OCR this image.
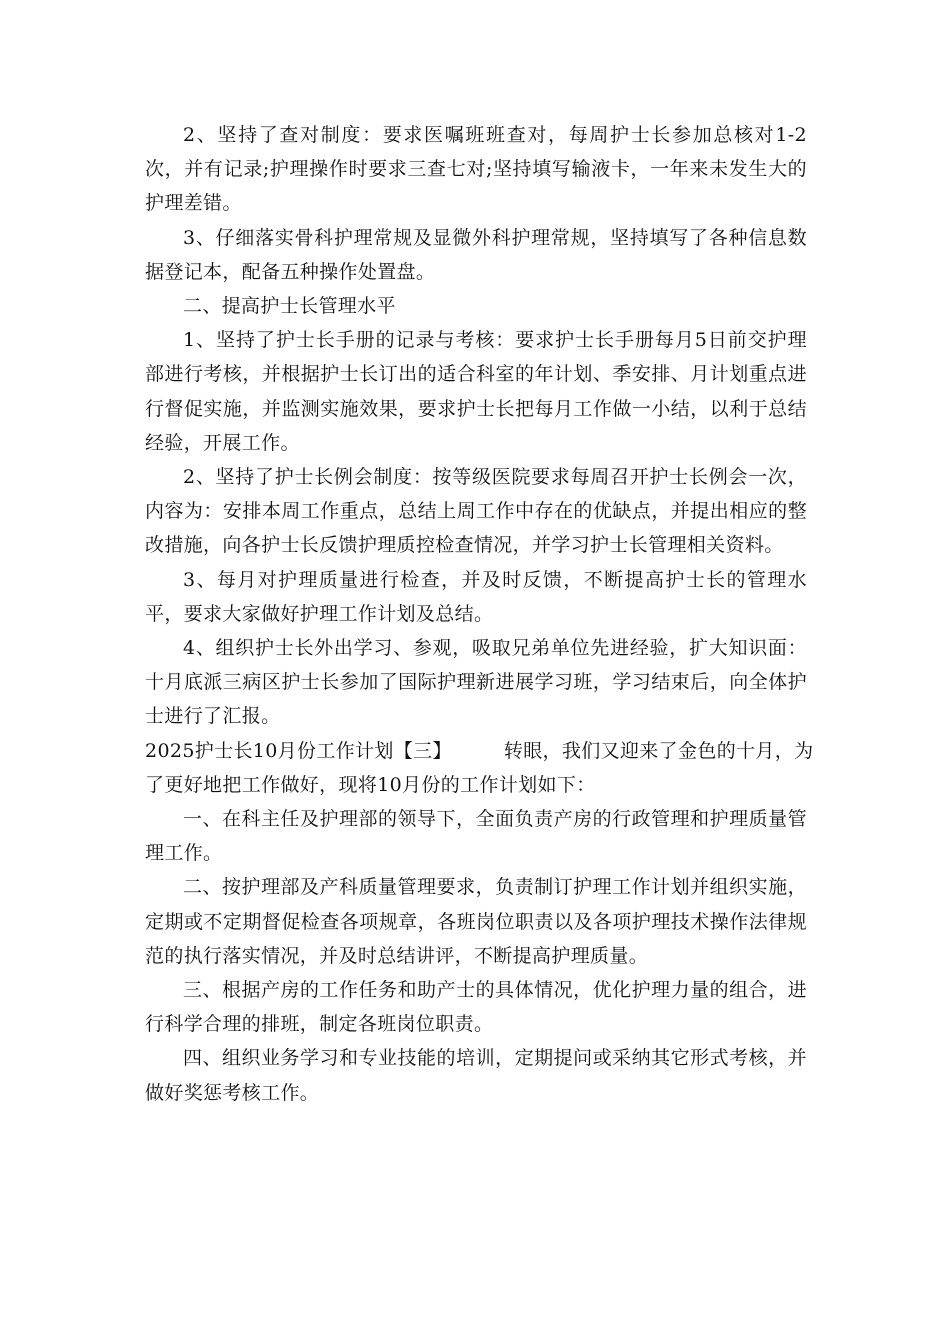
2、坚持了查对制度：要求医嘱班班查对，每周护士长参加总核对1-2次，并有记录;护理操作时要求三查七对;坚持填写输液卡，一年来未发生大的护理差错。

3、仔细落实骨科护理常规及显微外科护理常规，坚持填写了各种信息数据登记本，配备五种操作处置盘。

二、提高护士长管理水平

1、坚持了护士长手册的记录与考核：要求护士长手册每月5日前交护理部进行考核，并根据护士长订出的适合科室的年计划、季安排、月计划重点进行督促实施，并监测实施效果，要求护士长把每月工作做一小结，以利于总结经验，开展工作。

2、坚持了护士长例会制度：按等级医院要求每周召开护士长例会一次，内容为：安排本周工作重点，总结上周工作中存在的优缺点，并提出相应的整改措施，向各护士长反馈护理质控检查情况，并学习护士长管理相关资料。

3、每月对护理质量进行检查，并及时反馈，不断提高护士长的管理水平，要求大家做好护理工作计划及总结。

4、组织护士长外出学习、参观，吸取兄弟单位先进经验，扩大知识面：十月底派三病区护士长参加了国际护理新进展学习班，学习结束后，向全体护士进行了汇报。

2025护士长10月份工作计划【三】	转眼，我们又迎来了金色的十月，为

了更好地把工作做好，现将10月份的工作计划如下：

一、在科主任及护理部的领导下，全面负责产房的行政管理和护理质量管理工作。

二、按护理部及产科质量管理要求，负责制订护理工作计划并组织实施，定期或不定期督促检查各项规章，各班岗位职责以及各项护理技术操作法律规范的执行落实情况，并及时总结讲评，不断提高护理质量。

三、根据产房的工作任务和助产士的具体情况，优化护理力量的组合，进行科学合理的排班，制定各班岗位职责。

四、组织业务学习和专业技能的培训，定期提问或采纳其它形式考核，并做好奖惩考核工作。
